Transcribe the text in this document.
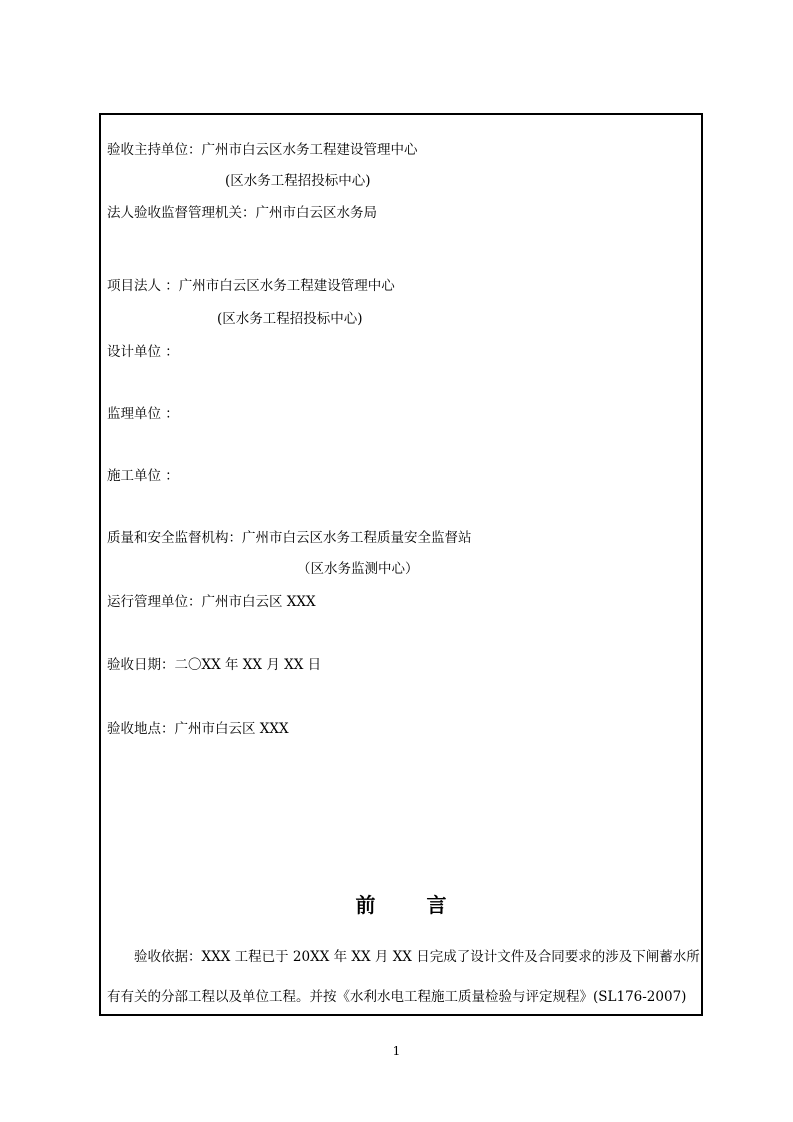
验收主持单位：广州市白云区水务工程建设管理中心
(区水务工程招投标中心)
法人验收监督管理机关：广州市白云区水务局
项目法人 ：广州市白云区水务工程建设管理中心
(区水务工程招投标中心)
设计单位 ：
监理单位 ：
施工单位 ：
质量和安全监督机构：广州市白云区水务工程质量安全监督站
（区水务监测中心）
运行管理单位：广州市白云区 XXX
验收日期：二〇XX 年 XX 月 XX 日
验收地点：广州市白云区 XXX
前 言
验收依据：XXX 工程已于 20XX 年 XX 月 XX 日完成了设计文件及合同要求的涉及下闸蓄水所
有有关的分部工程以及单位工程。并按《水利水电工程施工质量检验与评定规程》(SL176-2007)
1
